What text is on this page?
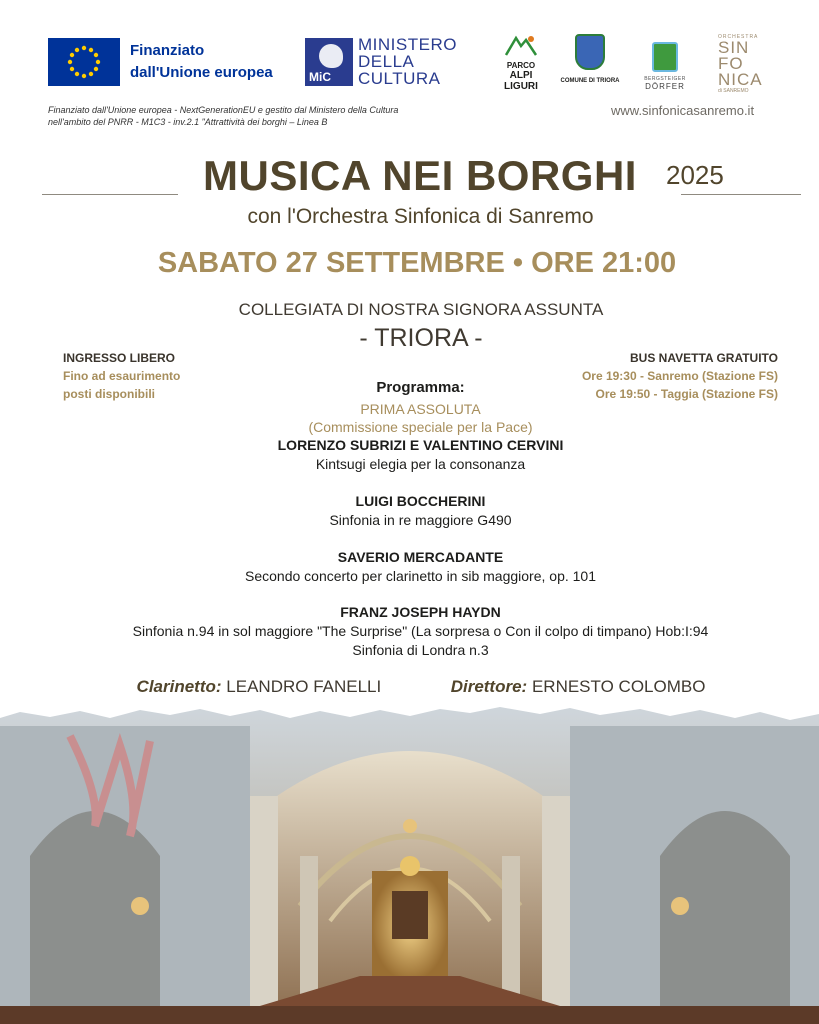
Finanziato
dall'Unione europea	MiC
MINISTERO
DELLA
CULTURA
PARCO
ALPI
LIGURI	COMUNE DI TRIORA	BERGSTEIGER
DÖRFER
ORCHESTRA
SIN
FO
NICA
di SANREMO
Finanziato dall'Unione europea - NextGenerationEU e gestito dal Ministero della Cultura
nell'ambito del PNRR - M1C3 - inv.2.1 "Attrattività dei borghi – Linea B
www.sinfonicasanremo.it
MUSICA NEI BORGHI	2025
con l'Orchestra Sinfonica di Sanremo
SABATO 27 SETTEMBRE • ORE 21:00
COLLEGIATA DI NOSTRA SIGNORA ASSUNTA
- TRIORA -
INGRESSO LIBERO
Fino ad esaurimento
posti disponibili
BUS NAVETTA GRATUITO
Ore 19:30 - Sanremo (Stazione FS)
Ore 19:50 - Taggia (Stazione FS)
Programma:
PRIMA ASSOLUTA
(Commissione speciale per la Pace)
LORENZO SUBRIZI E VALENTINO CERVINI
Kintsugi elegia per la consonanza
LUIGI BOCCHERINI
Sinfonia in re maggiore G490
SAVERIO MERCADANTE
Secondo concerto per clarinetto in sib maggiore, op. 101
FRANZ JOSEPH HAYDN
Sinfonia n.94 in sol maggiore "The Surprise" (La sorpresa o Con il colpo di timpano) Hob:I:94
Sinfonia di Londra n.3
Clarinetto: LEANDRO FANELLI	Direttore: ERNESTO COLOMBO
